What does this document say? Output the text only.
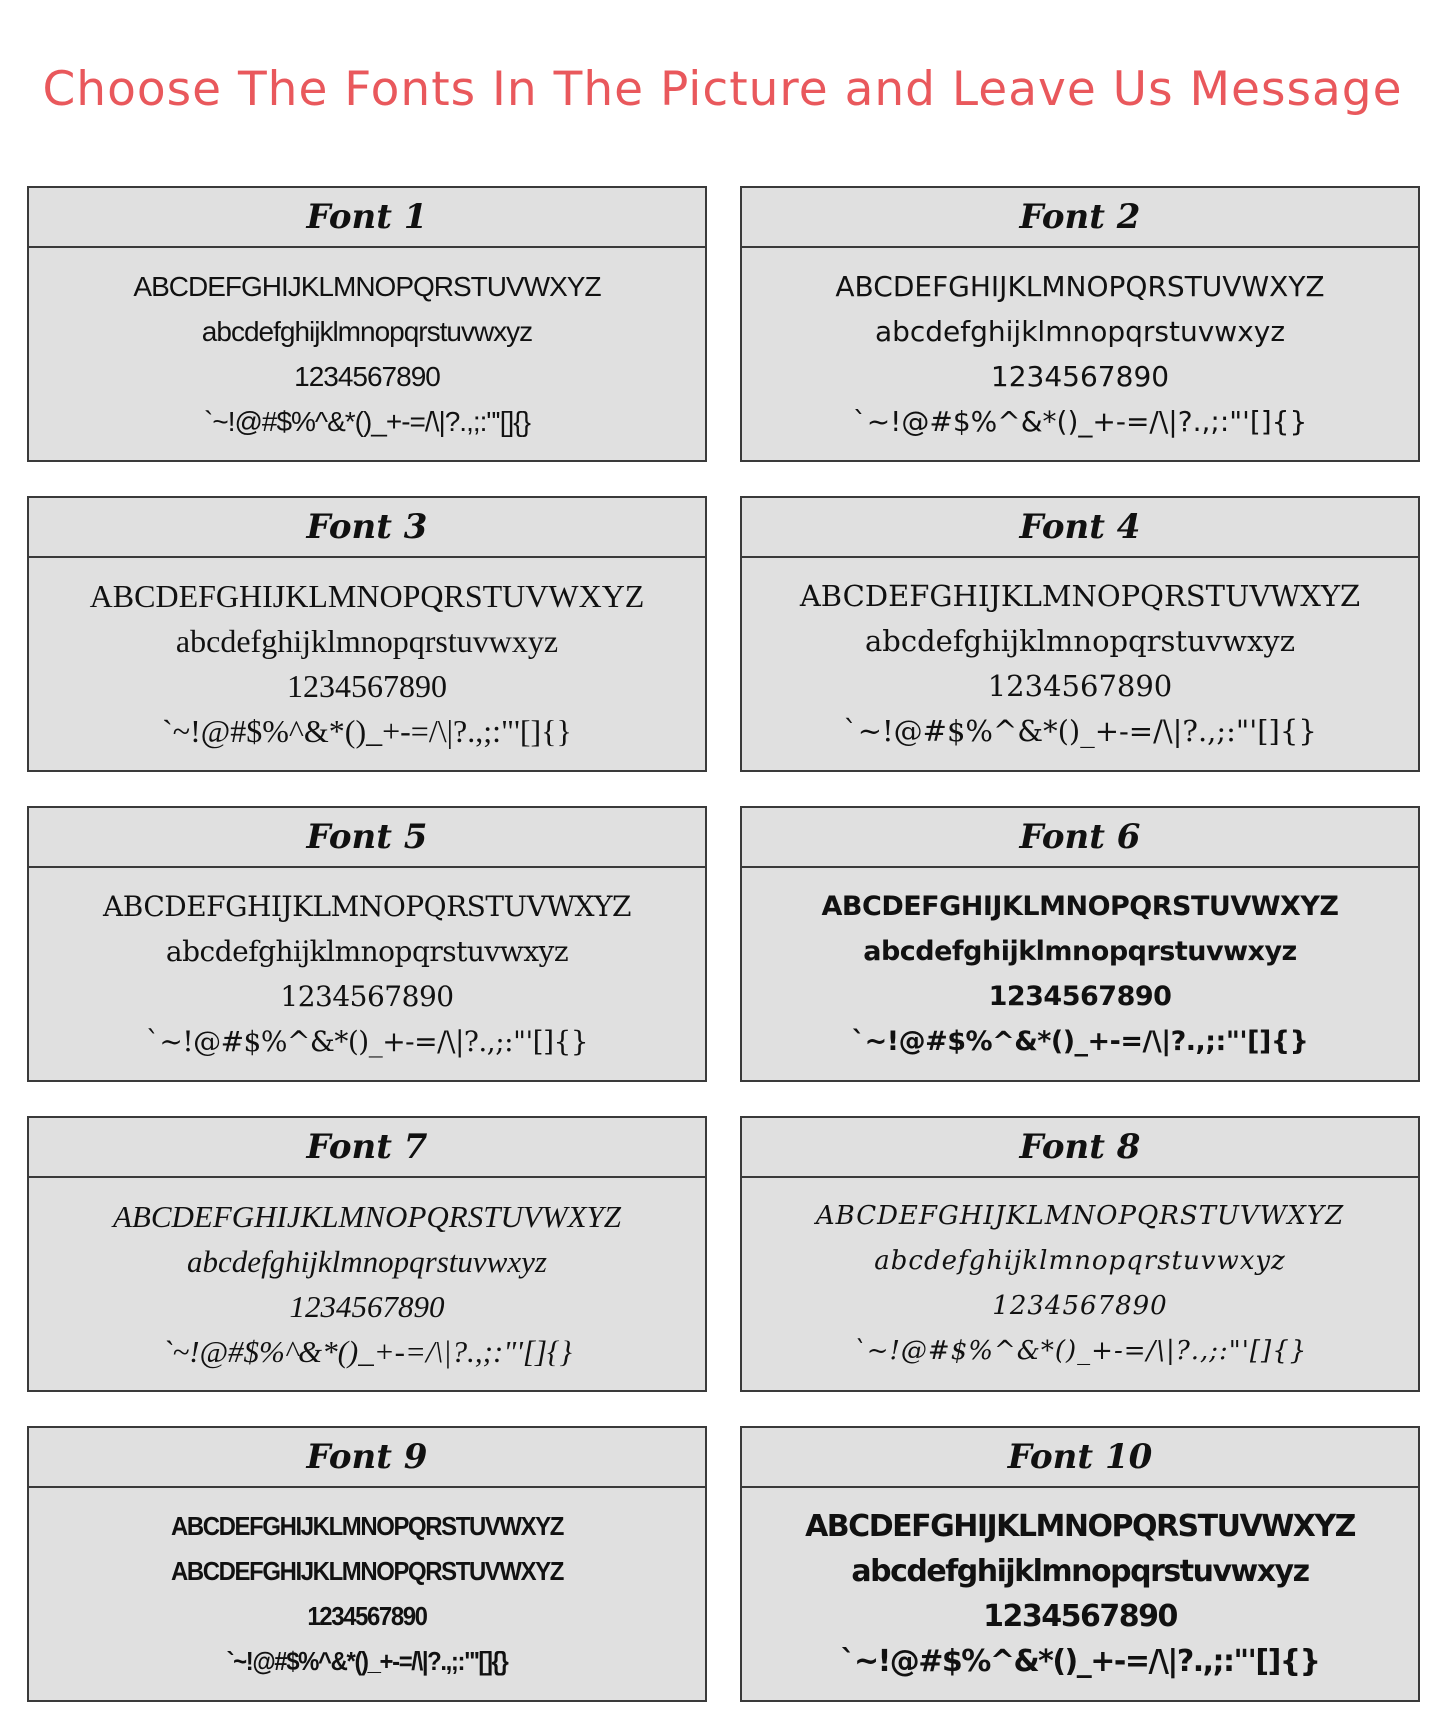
Choose The Fonts In The Picture and Leave Us Message
Font 1
ABCDEFGHIJKLMNOPQRSTUVWXYZ
abcdefghijklmnopqrstuvwxyz
1234567890
`~!@#$%^&*()_+-=/\|?.,;:"'[]{}
Font 2
ABCDEFGHIJKLMNOPQRSTUVWXYZ
abcdefghijklmnopqrstuvwxyz
1234567890
`~!@#$%^&*()_+-=/\|?.,;:"'[]{}
Font 3
ABCDEFGHIJKLMNOPQRSTUVWXYZ
abcdefghijklmnopqrstuvwxyz
1234567890
`~!@#$%^&*()_+-=/\|?.,;:"'[]{}
Font 4
ABCDEFGHIJKLMNOPQRSTUVWXYZ
abcdefghijklmnopqrstuvwxyz
1234567890
`~!@#$%^&*()_+-=/\|?.,;:"'[]{}
Font 5
ABCDEFGHIJKLMNOPQRSTUVWXYZ
abcdefghijklmnopqrstuvwxyz
1234567890
`~!@#$%^&*()_+-=/\|?.,;:"'[]{}
Font 6
ABCDEFGHIJKLMNOPQRSTUVWXYZ
abcdefghijklmnopqrstuvwxyz
1234567890
`~!@#$%^&*()_+-=/\|?.,;:"'[]{}
Font 7
ABCDEFGHIJKLMNOPQRSTUVWXYZ
abcdefghijklmnopqrstuvwxyz
1234567890
`~!@#$%^&*()_+-=/\|?.,;:"'[]{}
Font 8
ABCDEFGHIJKLMNOPQRSTUVWXYZ
abcdefghijklmnopqrstuvwxyz
1234567890
`~!@#$%^&*()_+-=/\|?.,;:"'[]{}
Font 9
ABCDEFGHIJKLMNOPQRSTUVWXYZ
ABCDEFGHIJKLMNOPQRSTUVWXYZ
1234567890
`~!@#$%^&*()_+-=/\|?.,;:"'[]{}
Font 10
ABCDEFGHIJKLMNOPQRSTUVWXYZ
abcdefghijklmnopqrstuvwxyz
1234567890
`~!@#$%^&*()_+-=/\|?.,;:"'[]{}
